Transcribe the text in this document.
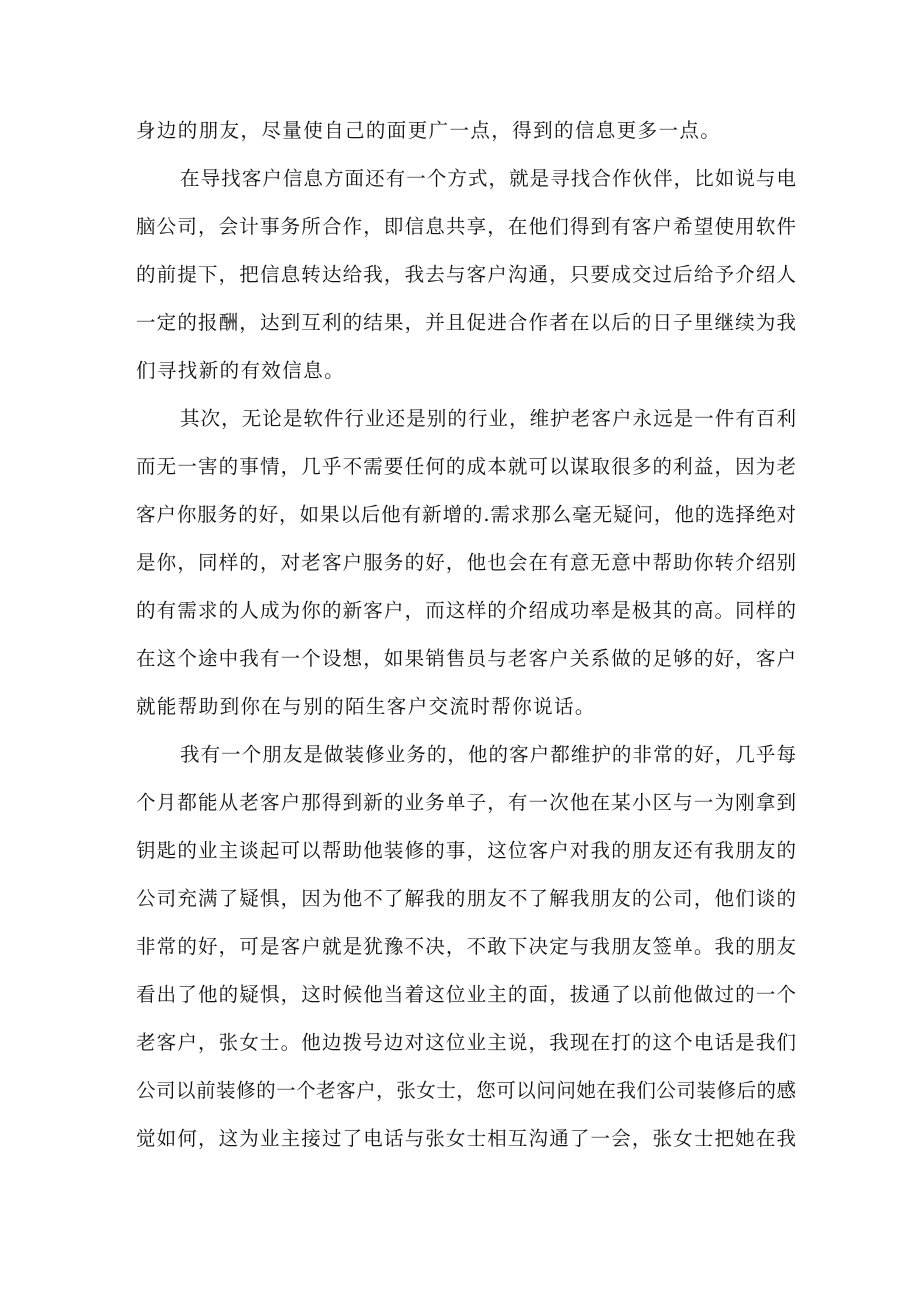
身边的朋友，尽量使自己的面更广一点，得到的信息更多一点。
在导找客户信息方面还有一个方式，就是寻找合作伙伴，比如说与电
脑公司，会计事务所合作，即信息共享，在他们得到有客户希望使用软件
的前提下，把信息转达给我，我去与客户沟通，只要成交过后给予介绍人
一定的报酬，达到互利的结果，并且促进合作者在以后的日子里继续为我
们寻找新的有效信息。
其次，无论是软件行业还是别的行业，维护老客户永远是一件有百利
而无一害的事情，几乎不需要任何的成本就可以谋取很多的利益，因为老
客户你服务的好，如果以后他有新增的.需求那么毫无疑问，他的选择绝对
是你，同样的，对老客户服务的好，他也会在有意无意中帮助你转介绍别
的有需求的人成为你的新客户，而这样的介绍成功率是极其的高。同样的
在这个途中我有一个设想，如果销售员与老客户关系做的足够的好，客户
就能帮助到你在与别的陌生客户交流时帮你说话。
我有一个朋友是做装修业务的，他的客户都维护的非常的好，几乎每
个月都能从老客户那得到新的业务单子，有一次他在某小区与一为刚拿到
钥匙的业主谈起可以帮助他装修的事，这位客户对我的朋友还有我朋友的
公司充满了疑惧，因为他不了解我的朋友不了解我朋友的公司，他们谈的
非常的好，可是客户就是犹豫不决，不敢下决定与我朋友签单。我的朋友
看出了他的疑惧，这时候他当着这位业主的面，拔通了以前他做过的一个
老客户，张女士。他边拨号边对这位业主说，我现在打的这个电话是我们
公司以前装修的一个老客户，张女士，您可以问问她在我们公司装修后的感
觉如何，这为业主接过了电话与张女士相互沟通了一会，张女士把她在我
